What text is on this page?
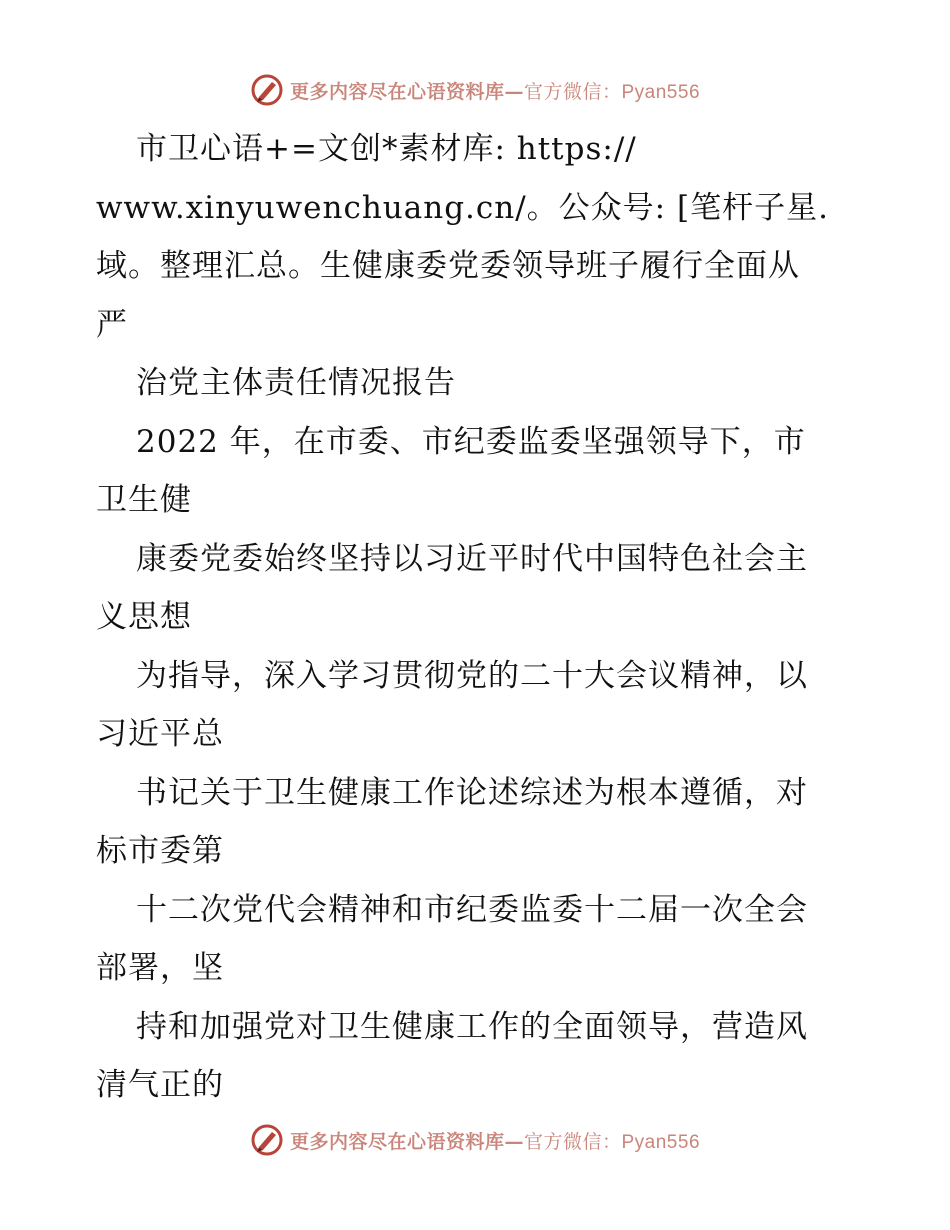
更多内容尽在心语资料库—官方微信：Pyan556
市卫心语+=文创*素材库: https://
www.xinyuwenchuang.cn/。公众号: [笔杆子星.
域。整理汇总。生健康委党委领导班子履行全面从
严
治党主体责任情况报告
2022 年，在市委、市纪委监委坚强领导下，市
卫生健
康委党委始终坚持以习近平时代中国特色社会主
义思想
为指导，深入学习贯彻党的二十大会议精神，以
习近平总
书记关于卫生健康工作论述综述为根本遵循，对
标市委第
十二次党代会精神和市纪委监委十二届一次全会
部署，坚
持和加强党对卫生健康工作的全面领导，营造风
清气正的
更多内容尽在心语资料库—官方微信：Pyan556
